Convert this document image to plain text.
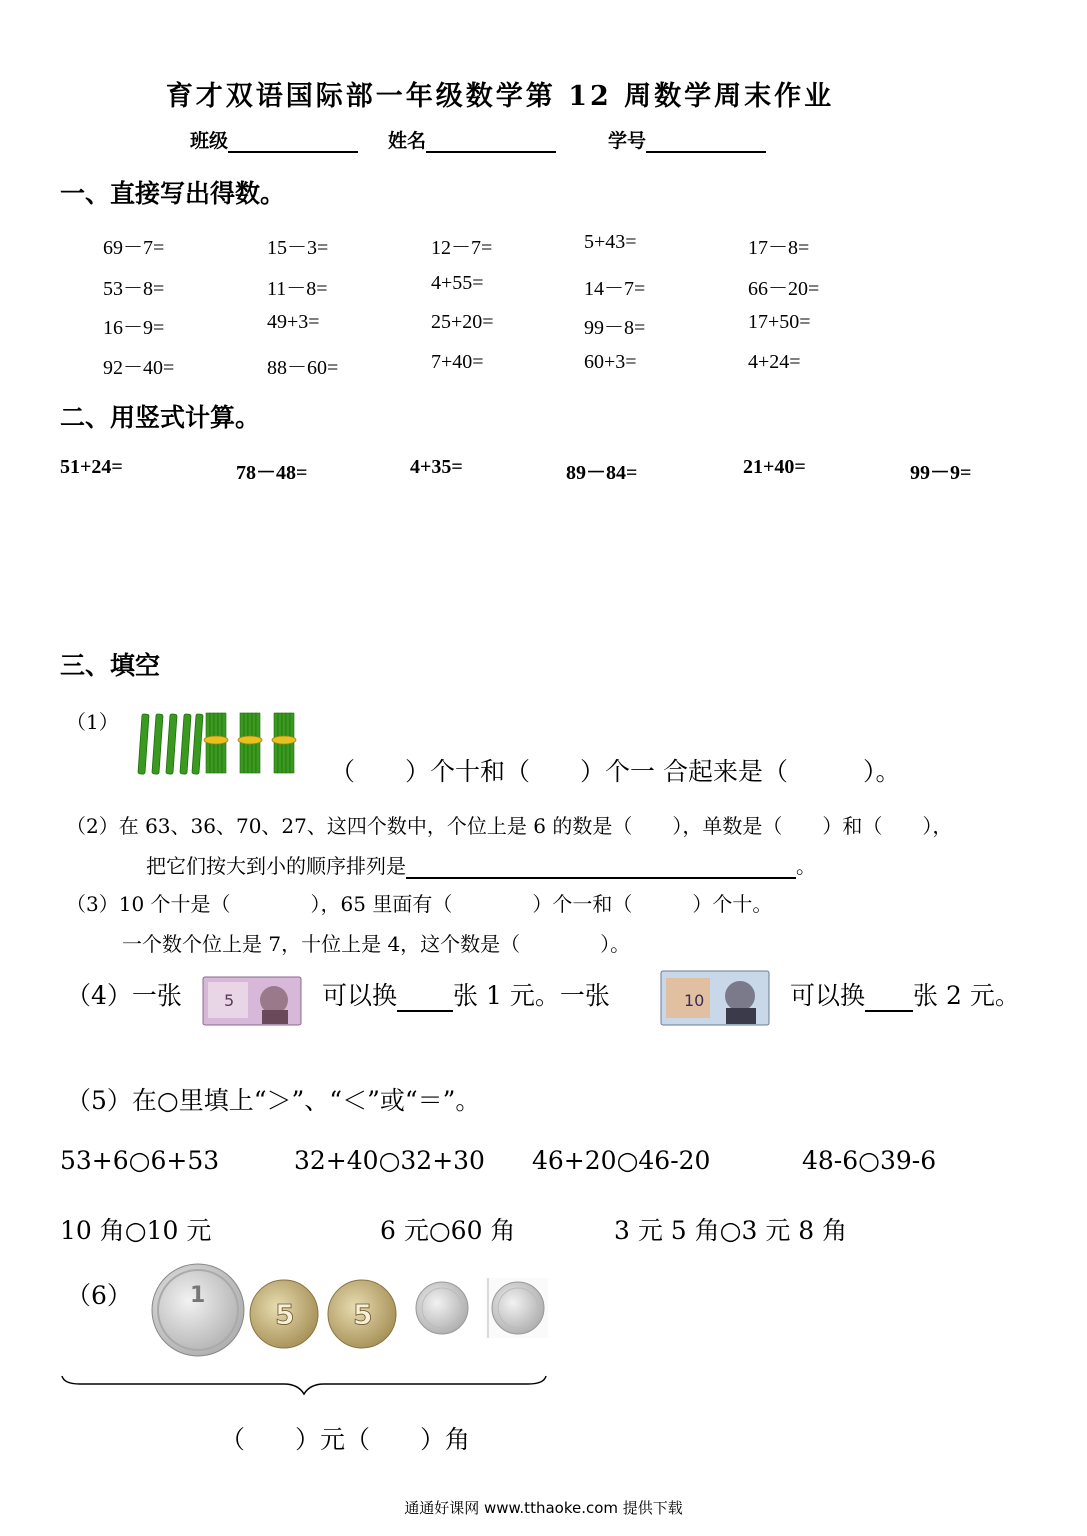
育才双语国际部一年级数学第 12 周数学周末作业
班级	姓名	学号
一、直接写出得数。
69－7=	15－3=	12－7=	5+43=	17－8=
53－8=	11－8=	4+55=	14－7=	66－20=
16－9=	49+3=	25+20=	99－8=	17+50=
92－40=	88－60=	7+40=	60+3=	4+24=
二、用竖式计算。
51+24=	78－48=	4+35=	89－84=	21+40=	99－9=
三、填空
（1）
（　　）个十和（　　）个一 合起来是（　　　）。
（2）在 63、36、70、27、这四个数中，个位上是 6 的数是（　　），单数是（　　）和（　　），
把它们按大到小的顺序排列是	。
（3）10 个十是（　　　　），65 里面有（　　　　）个一和（　　　）个十。
一个数个位上是 7，十位上是 4，这个数是（　　　　）。
（4）一张	5	可以换 张 1 元。一张	10	可以换 张 2 元。
（5）在○里填上“＞”、“＜”或“＝”。
53+6○6+53	32+40○32+30 46+20○46-20	48-6○39-6
10 角○10 元	6 元○60 角	3 元 5 角○3 元 8 角
（6）	1
5 5
（　　）元（　　）角
通通好课网 www.tthaoke.com 提供下载
